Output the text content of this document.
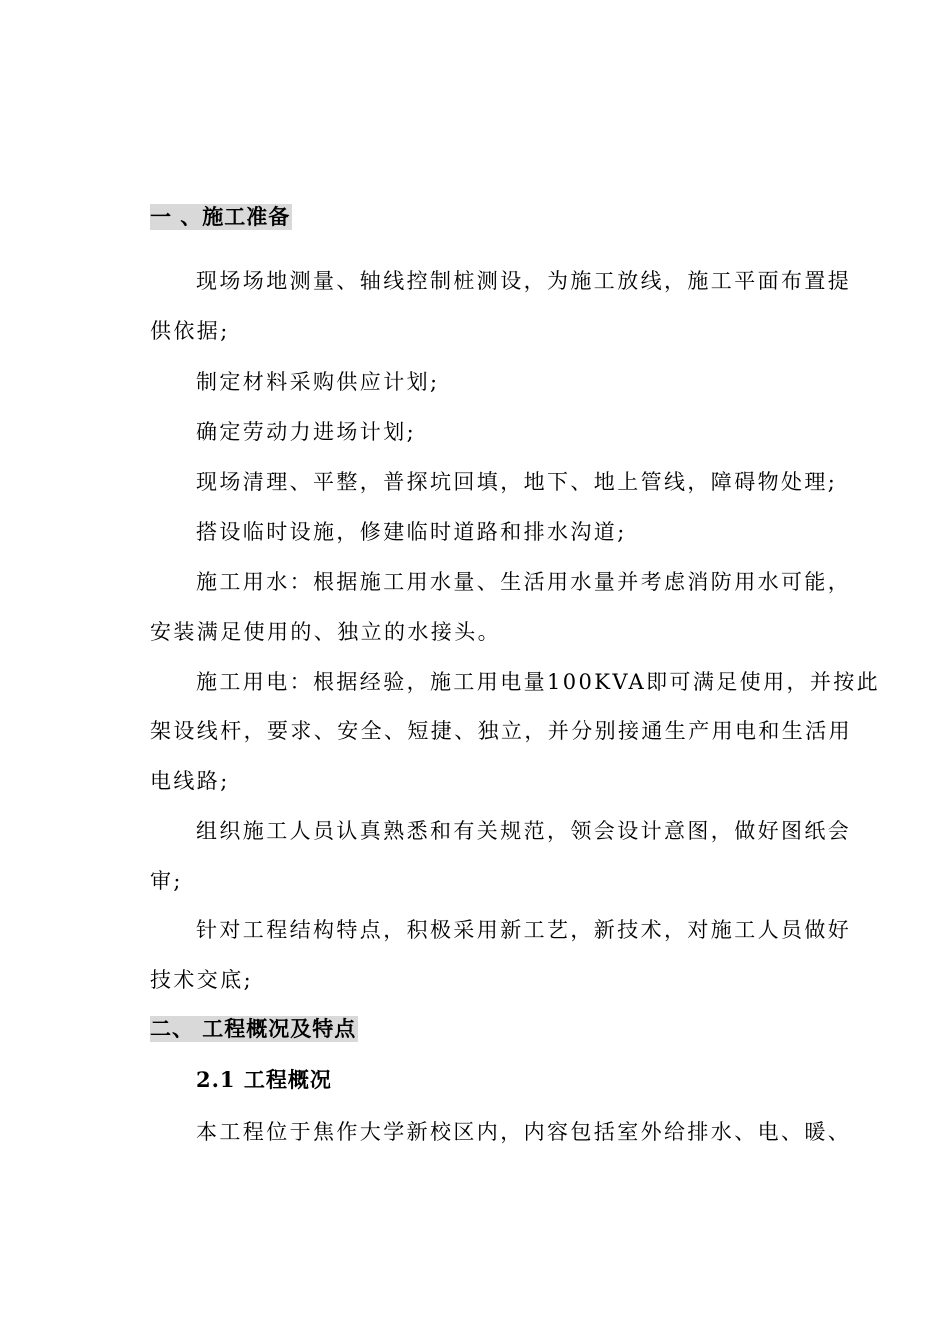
一 、施工准备
现场场地测量、轴线控制桩测设，为施工放线，施工平面布置提
供依据;
制定材料采购供应计划;
确定劳动力进场计划;
现场清理、平整，普探坑回填，地下、地上管线，障碍物处理;
搭设临时设施，修建临时道路和排水沟道;
施工用水：根据施工用水量、生活用水量并考虑消防用水可能，
安装满足使用的、独立的水接头。
施工用电：根据经验，施工用电量100KVA即可满足使用，并按此
架设线杆，要求、安全、短捷、独立，并分别接通生产用电和生活用
电线路;
组织施工人员认真熟悉和有关规范，领会设计意图，做好图纸会
审;
针对工程结构特点，积极采用新工艺，新技术，对施工人员做好
技术交底;
二、 工程概况及特点
2.1 工程概况
本工程位于焦作大学新校区内，内容包括室外给排水、电、暖、
